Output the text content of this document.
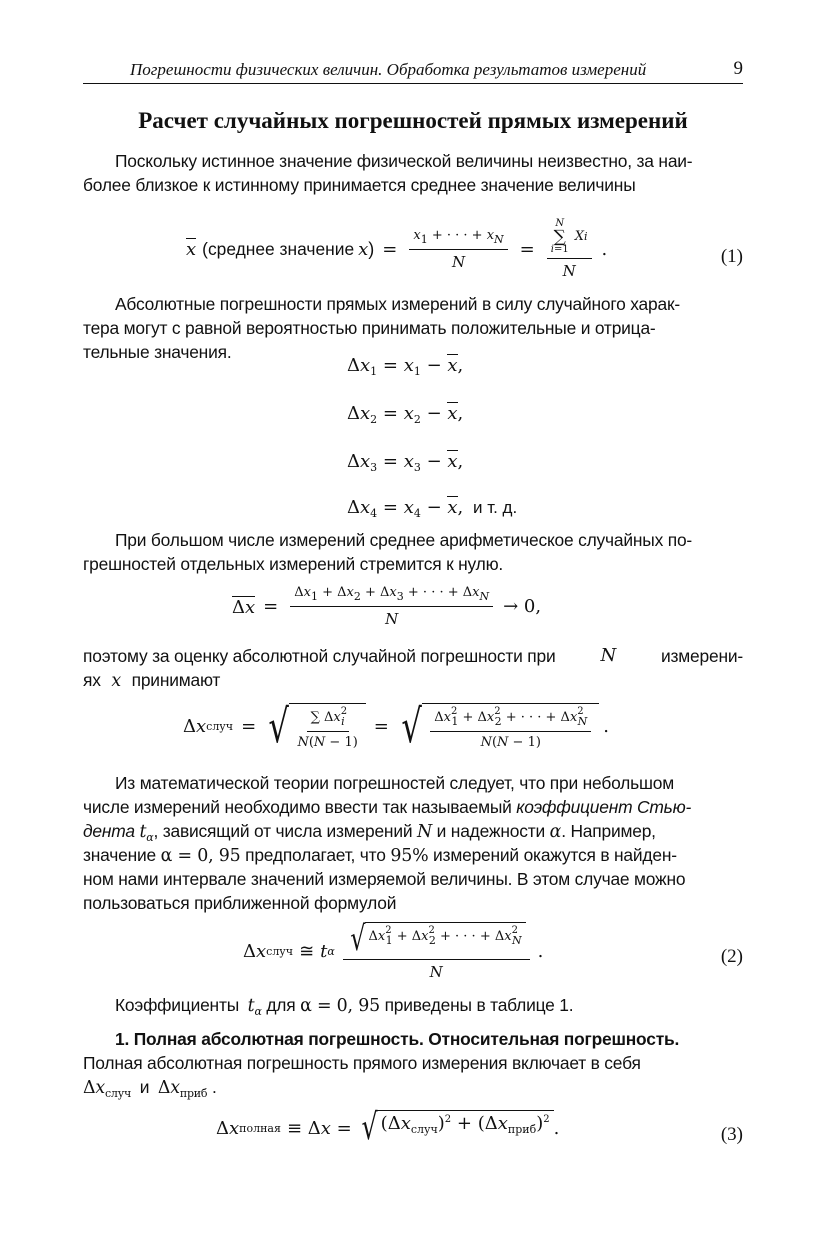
Погрешности физических величин. Обработка результатов измерений	9
Расчет случайных погрешностей прямых измерений
Поскольку истинное значение физической величины неизвестно, за наи-
более близкое к истинному принимается среднее значение величины
x (среднее значение x ) = $\frac{x_1 + \cdot \cdot \cdot + x_N}{N} = N$
∑
i=1
X i
N .	(1)
Абсолютные погрешности прямых измерений в силу случайного харак-
тера могут с равной вероятностью принимать положительные и отрица-
тельные значения.
$\Delta x_1 = x_1 - x$,
$\Delta x_2 = x_2 - x$,
$\Delta x_3 = x_3 - x$,
$\Delta x_4 = x_4 - x$, и т. д.
При большом числе измерений среднее арифметическое случайных по-
грешностей отдельных измерений стремится к нулю.
$\Delta x = \frac{\Delta x_1 + \Delta x_2 + \Delta x_3 + \cdot \cdot \cdot + \Delta x_N}{N} \to 0$,
поэтому за оценку абсолютной случайной погрешности при	N	измерени-
ях x принимают
Δ x случ = √ $\frac{\sum \Delta x^2_i}{N(N - 1)}$ = √ $\frac{\Delta x^2_1 + \Delta x^2_2 + \cdot \cdot \cdot + \Delta x^2_N}{N(N - 1)}$ .
Из математической теории погрешностей следует, что при небольшом
числе измерений необходимо ввести так называемый коэффициент Стью-
дента $t_\alpha$, зависящий от числа измерений N и надежности α. Например,
значение α = 0, 95 предполагает, что 95% измерений окажутся в найден-
ном нами интервале значений измеряемой величины. В этом случае можно
пользоваться приближенной формулой
Δ x случ ≅ t α $\frac{√ \Delta x^2_1 + \Delta x^2_2 + \cdot \cdot \cdot + \Delta x^2_N}{N}$ .	(2)
Коэффициенты $t_\alpha$ для α = 0, 95 приведены в таблице 1.
1. Полная абсолютная погрешность. Относительная погрешность.
Полная абсолютная погрешность прямого измерения включает в себя
$\Delta x_{случ}$ и $\Delta x_{приб}$ .
Δ x полная ≡ Δx = √ $(\Delta x_{случ})^2 + (\Delta x_{приб})^2$ .	(3)
